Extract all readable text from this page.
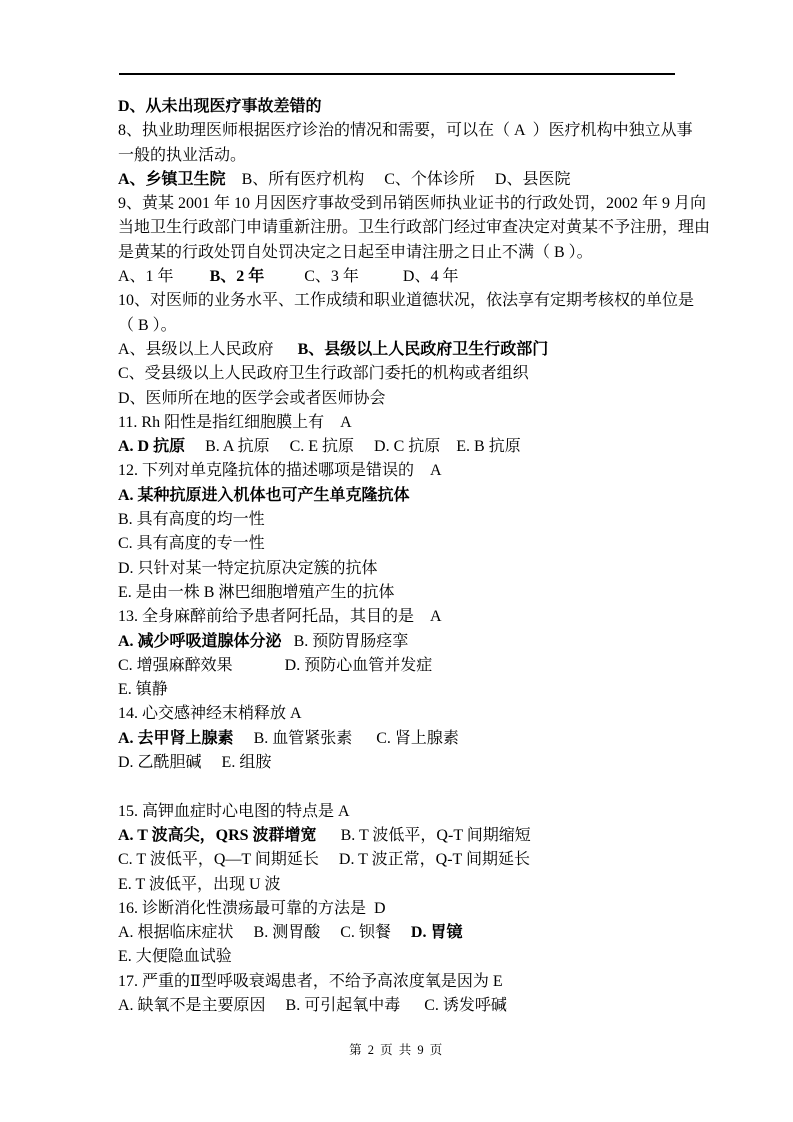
D、从未出现医疗事故差错的
8、执业助理医师根据医疗诊治的情况和需要，可以在（ A  ）医疗机构中独立从事
一般的执业活动。
A、乡镇卫生院    B、所有医疗机构     C、个体诊所     D、县医院
9、黄某 2001 年 10 月因医疗事故受到吊销医师执业证书的行政处罚，2002 年 9 月向
当地卫生行政部门申请重新注册。卫生行政部门经过审查决定对黄某不予注册，理由
是黄某的行政处罚自处罚决定之日起至申请注册之日止不满（ B ）。
A、1 年         B、2 年          C、3 年           D、4 年
10、对医师的业务水平、工作成绩和职业道德状况，依法享有定期考核权的单位是
（ B ）。
A、县级以上人民政府      B、县级以上人民政府卫生行政部门
C、受县级以上人民政府卫生行政部门委托的机构或者组织
D、医师所在地的医学会或者医师协会
11. Rh 阳性是指红细胞膜上有    A
A. D 抗原     B. A 抗原     C. E 抗原     D. C 抗原    E. B 抗原
12. 下列对单克隆抗体的描述哪项是错误的    A
A. 某种抗原进入机体也可产生单克隆抗体
B. 具有高度的均一性
C. 具有高度的专一性
D. 只针对某一特定抗原决定簇的抗体
E. 是由一株 B 淋巴细胞增殖产生的抗体
13. 全身麻醉前给予患者阿托品，其目的是    A
A. 减少呼吸道腺体分泌   B. 预防胃肠痉挛
C. 增强麻醉效果             D. 预防心血管并发症
E. 镇静
14. 心交感神经末梢释放 A
A. 去甲肾上腺素     B. 血管紧张素      C. 肾上腺素
D. 乙酰胆碱     E. 组胺
15. 高钾血症时心电图的特点是 A
A. T 波高尖，QRS 波群增宽      B. T 波低平，Q-T 间期缩短
C. T 波低平，Q—T 间期延长     D. T 波正常，Q-T 间期延长
E. T 波低平，出现 U 波
16. 诊断消化性溃疡最可靠的方法是  D
A. 根据临床症状     B. 测胃酸     C. 钡餐     D. 胃镜
E. 大便隐血试验
17. 严重的Ⅱ型呼吸衰竭患者，不给予高浓度氧是因为 E
A. 缺氧不是主要原因     B. 可引起氧中毒      C. 诱发呼碱
第 2 页 共 9 页
